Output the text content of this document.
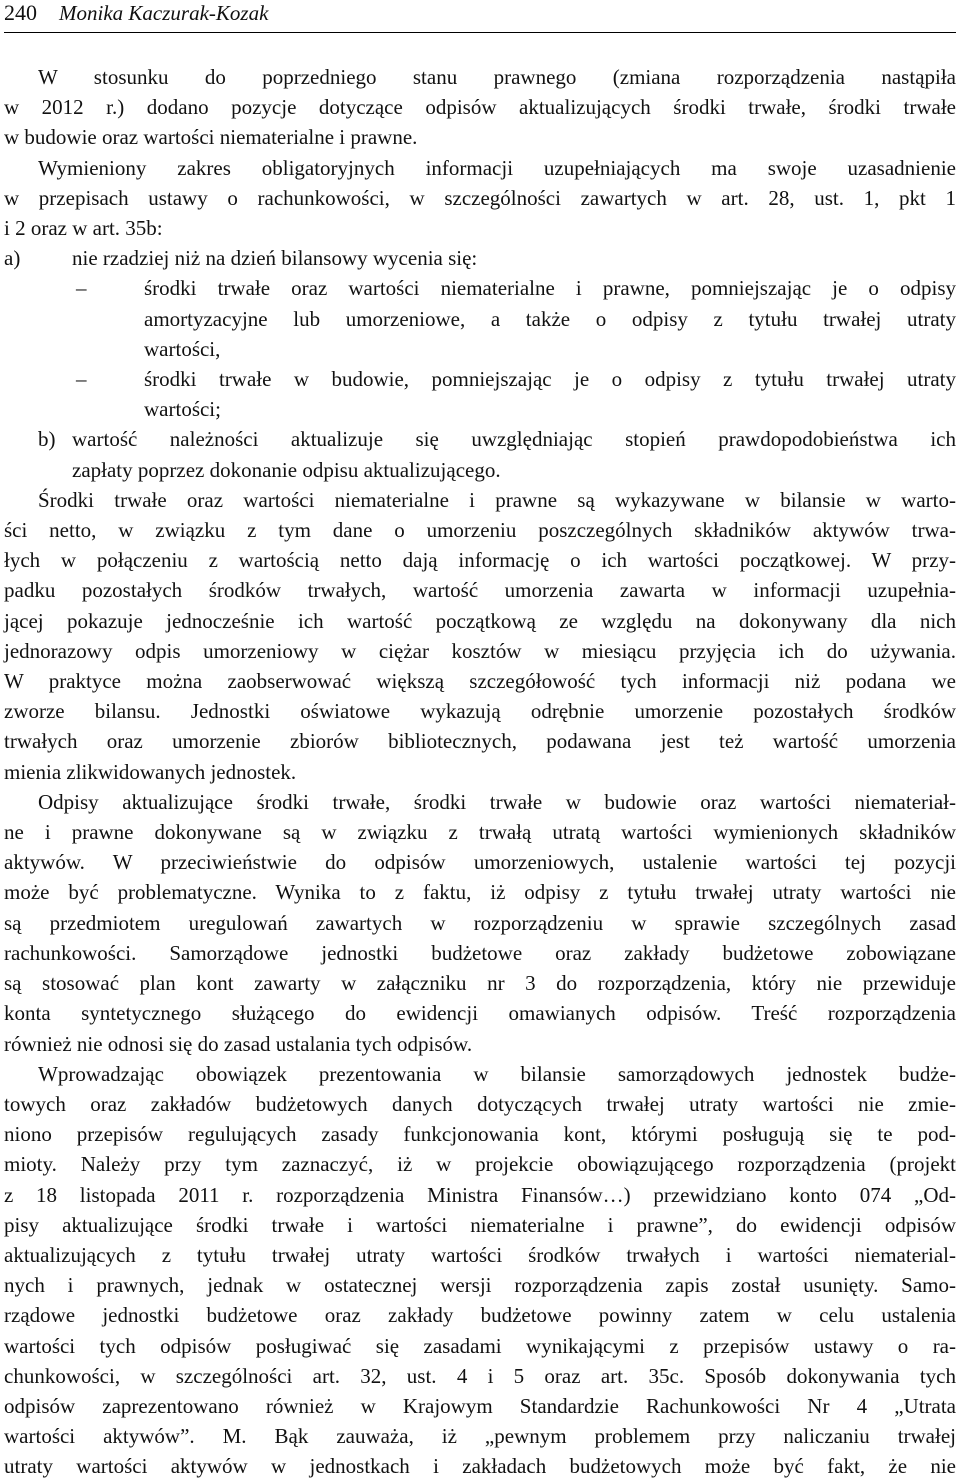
240 Monika Kaczurak-Kozak
W stosunku do poprzedniego stanu prawnego (zmiana rozporządzenia nastąpiła
w 2012 r.) dodano pozycje dotyczące odpisów aktualizujących środki trwałe, środki trwałe
w budowie oraz wartości niematerialne i prawne.
Wymieniony zakres obligatoryjnych informacji uzupełniających ma swoje uzasadnienie
w przepisach ustawy o rachunkowości, w szczególności zawartych w art. 28, ust. 1, pkt 1
i 2 oraz w art. 35b:
a)	nie rzadziej niż na dzień bilansowy wycenia się:
–	środki trwałe oraz wartości niematerialne i prawne, pomniejszając je o odpisy
amortyzacyjne lub umorzeniowe, a także o odpisy z tytułu trwałej utraty
wartości,
–	środki trwałe w budowie, pomniejszając je o odpisy z tytułu trwałej utraty
wartości;
b) wartość należności aktualizuje się uwzględniając stopień prawdopodobieństwa ich
zapłaty poprzez dokonanie odpisu aktualizującego.
Środki trwałe oraz wartości niematerialne i prawne są wykazywane w bilansie w warto-
ści netto, w związku z tym dane o umorzeniu poszczególnych składników aktywów trwa-
łych w połączeniu z wartością netto dają informację o ich wartości początkowej. W przy-
padku pozostałych środków trwałych, wartość umorzenia zawarta w informacji uzupełnia-
jącej pokazuje jednocześnie ich wartość początkową ze względu na dokonywany dla nich
jednorazowy odpis umorzeniowy w ciężar kosztów w miesiącu przyjęcia ich do używania.
W praktyce można zaobserwować większą szczegółowość tych informacji niż podana we
zworze bilansu. Jednostki oświatowe wykazują odrębnie umorzenie pozostałych środków
trwałych oraz umorzenie zbiorów bibliotecznych, podawana jest też wartość umorzenia
mienia zlikwidowanych jednostek.
Odpisy aktualizujące środki trwałe, środki trwałe w budowie oraz wartości niemateriał-
ne i prawne dokonywane są w związku z trwałą utratą wartości wymienionych składników
aktywów. W przeciwieństwie do odpisów umorzeniowych, ustalenie wartości tej pozycji
może być problematyczne. Wynika to z faktu, iż odpisy z tytułu trwałej utraty wartości nie
są przedmiotem uregulowań zawartych w rozporządzeniu w sprawie szczególnych zasad
rachunkowości. Samorządowe jednostki budżetowe oraz zakłady budżetowe zobowiązane
są stosować plan kont zawarty w załączniku nr 3 do rozporządzenia, który nie przewiduje
konta syntetycznego służącego do ewidencji omawianych odpisów. Treść rozporządzenia
również nie odnosi się do zasad ustalania tych odpisów.
Wprowadzając obowiązek prezentowania w bilansie samorządowych jednostek budże-
towych oraz zakładów budżetowych danych dotyczących trwałej utraty wartości nie zmie-
niono przepisów regulujących zasady funkcjonowania kont, którymi posługują się te pod-
mioty. Należy przy tym zaznaczyć, iż w projekcie obowiązującego rozporządzenia (projekt
z 18 listopada 2011 r. rozporządzenia Ministra Finansów…) przewidziano konto 074 „Od-
pisy aktualizujące środki trwałe i wartości niematerialne i prawne”, do ewidencji odpisów
aktualizujących z tytułu trwałej utraty wartości środków trwałych i wartości niematerial-
nych i prawnych, jednak w ostatecznej wersji rozporządzenia zapis został usunięty. Samo-
rządowe jednostki budżetowe oraz zakłady budżetowe powinny zatem w celu ustalenia
wartości tych odpisów posługiwać się zasadami wynikającymi z przepisów ustawy o ra-
chunkowości, w szczególności art. 32, ust. 4 i 5 oraz art. 35c. Sposób dokonywania tych
odpisów zaprezentowano również w Krajowym Standardzie Rachunkowości Nr 4 „Utrata
wartości aktywów”. M. Bąk zauważa, iż „pewnym problemem przy naliczaniu trwałej
utraty wartości aktywów w jednostkach i zakładach budżetowych może być fakt, że nie
